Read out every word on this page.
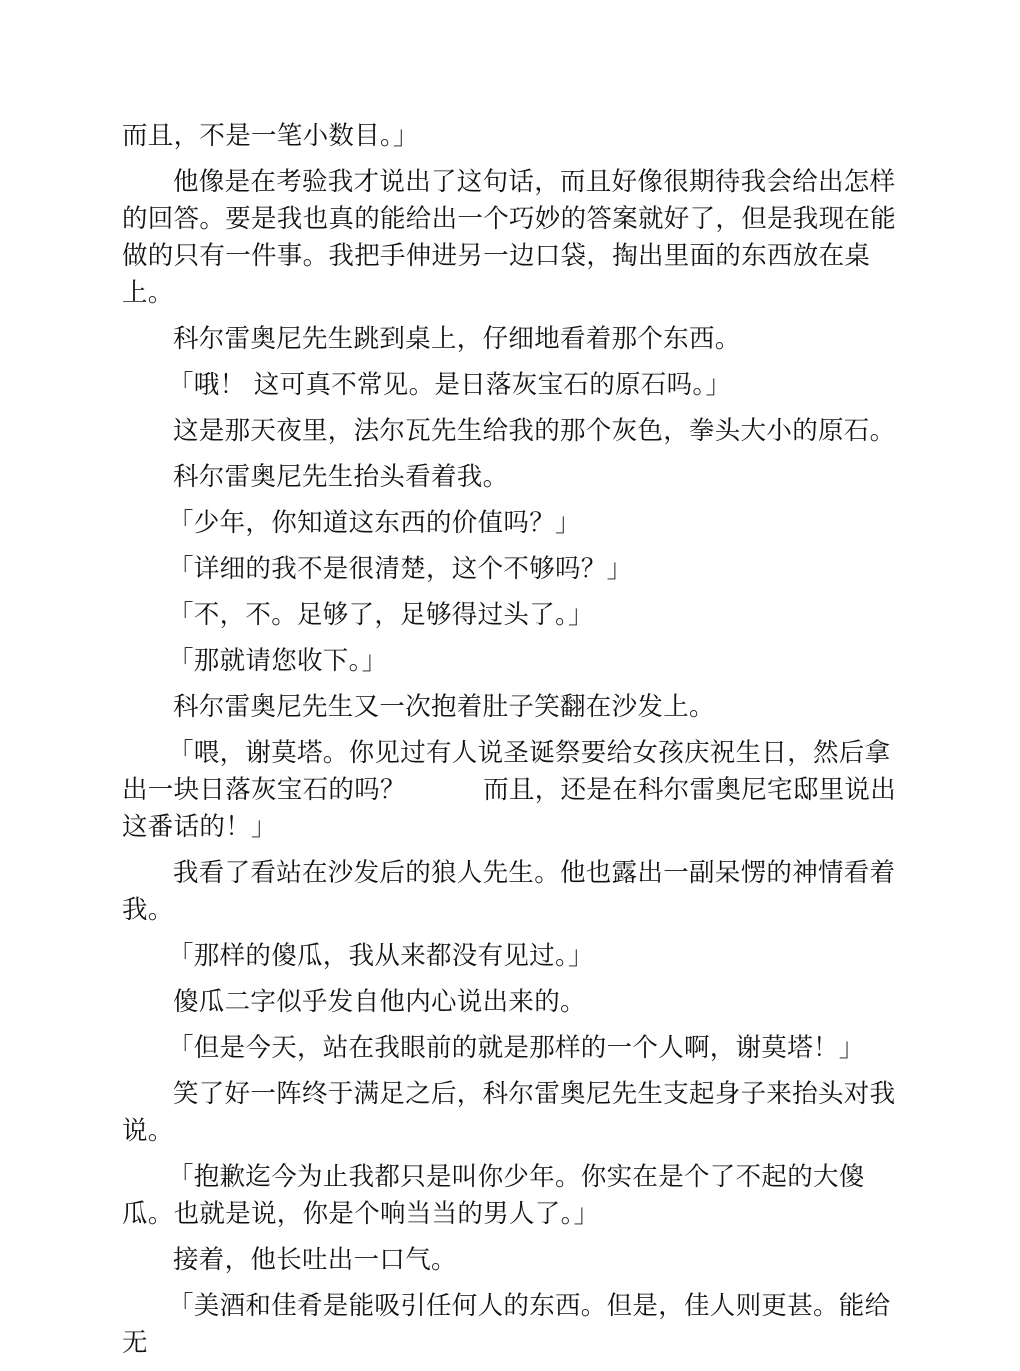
而且，不是一笔小数目。」

他像是在考验我才说出了这句话，而且好像很期待我会给出怎样的回答。要是我也真的能给出一个巧妙的答案就好了，但是我现在能做的只有一件事。我把手伸进另一边口袋，掏出里面的东西放在桌上。

科尔雷奥尼先生跳到桌上，仔细地看着那个东西。

「哦！ 这可真不常见。是日落灰宝石的原石吗。」

这是那天夜里，法尔瓦先生给我的那个灰色，拳头大小的原石。

科尔雷奥尼先生抬头看着我。

「少年，你知道这东西的价值吗？」

「详细的我不是很清楚，这个不够吗？」

「不，不。足够了，足够得过头了。」

「那就请您收下。」

科尔雷奥尼先生又一次抱着肚子笑翻在沙发上。

「喂，谢莫塔。你见过有人说圣诞祭要给女孩庆祝生日，然后拿出一块日落灰宝石的吗？　　　而且，还是在科尔雷奥尼宅邸里说出这番话的！」

我看了看站在沙发后的狼人先生。他也露出一副呆愣的神情看着我。

「那样的傻瓜，我从来都没有见过。」

傻瓜二字似乎发自他内心说出来的。

「但是今天，站在我眼前的就是那样的一个人啊，谢莫塔！」

笑了好一阵终于满足之后，科尔雷奥尼先生支起身子来抬头对我说。

「抱歉迄今为止我都只是叫你少年。你实在是个了不起的大傻瓜。也就是说，你是个响当当的男人了。」

接着，他长吐出一口气。

「美酒和佳肴是能吸引任何人的东西。但是，佳人则更甚。能给无
